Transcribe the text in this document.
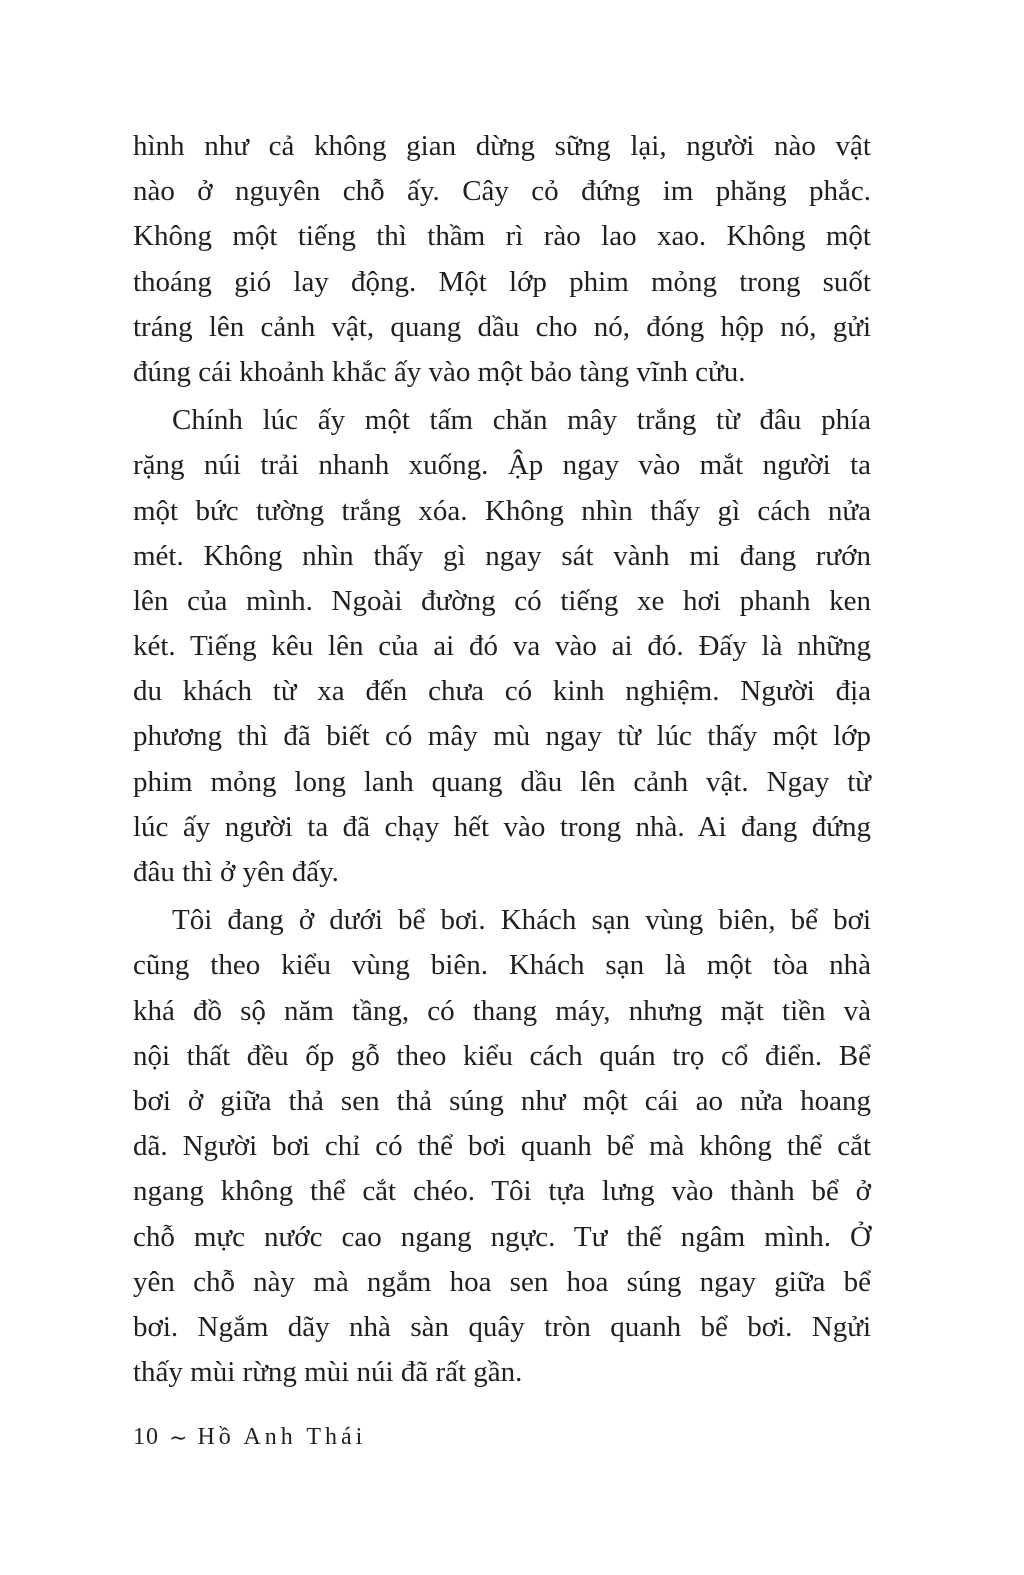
hình như cả không gian dừng sững lại, người nào vật
nào ở nguyên chỗ ấy. Cây cỏ đứng im phăng phắc.
Không một tiếng thì thầm rì rào lao xao. Không một
thoáng gió lay động. Một lớp phim mỏng trong suốt
tráng lên cảnh vật, quang dầu cho nó, đóng hộp nó, gửi
đúng cái khoảnh khắc ấy vào một bảo tàng vĩnh cửu.
Chính lúc ấy một tấm chăn mây trắng từ đâu phía
rặng núi trải nhanh xuống. Ập ngay vào mắt người ta
một bức tường trắng xóa. Không nhìn thấy gì cách nửa
mét. Không nhìn thấy gì ngay sát vành mi đang rướn
lên của mình. Ngoài đường có tiếng xe hơi phanh ken
két. Tiếng kêu lên của ai đó va vào ai đó. Đấy là những
du khách từ xa đến chưa có kinh nghiệm. Người địa
phương thì đã biết có mây mù ngay từ lúc thấy một lớp
phim mỏng long lanh quang dầu lên cảnh vật. Ngay từ
lúc ấy người ta đã chạy hết vào trong nhà. Ai đang đứng
đâu thì ở yên đấy.
Tôi đang ở dưới bể bơi. Khách sạn vùng biên, bể bơi
cũng theo kiểu vùng biên. Khách sạn là một tòa nhà
khá đồ sộ năm tầng, có thang máy, nhưng mặt tiền và
nội thất đều ốp gỗ theo kiểu cách quán trọ cổ điển. Bể
bơi ở giữa thả sen thả súng như một cái ao nửa hoang
dã. Người bơi chỉ có thể bơi quanh bể mà không thể cắt
ngang không thể cắt chéo. Tôi tựa lưng vào thành bể ở
chỗ mực nước cao ngang ngực. Tư thế ngâm mình. Ở
yên chỗ này mà ngắm hoa sen hoa súng ngay giữa bể
bơi. Ngắm dãy nhà sàn quây tròn quanh bể bơi. Ngửi
thấy mùi rừng mùi núi đã rất gần.
10 ∼ Hồ Anh Thái
